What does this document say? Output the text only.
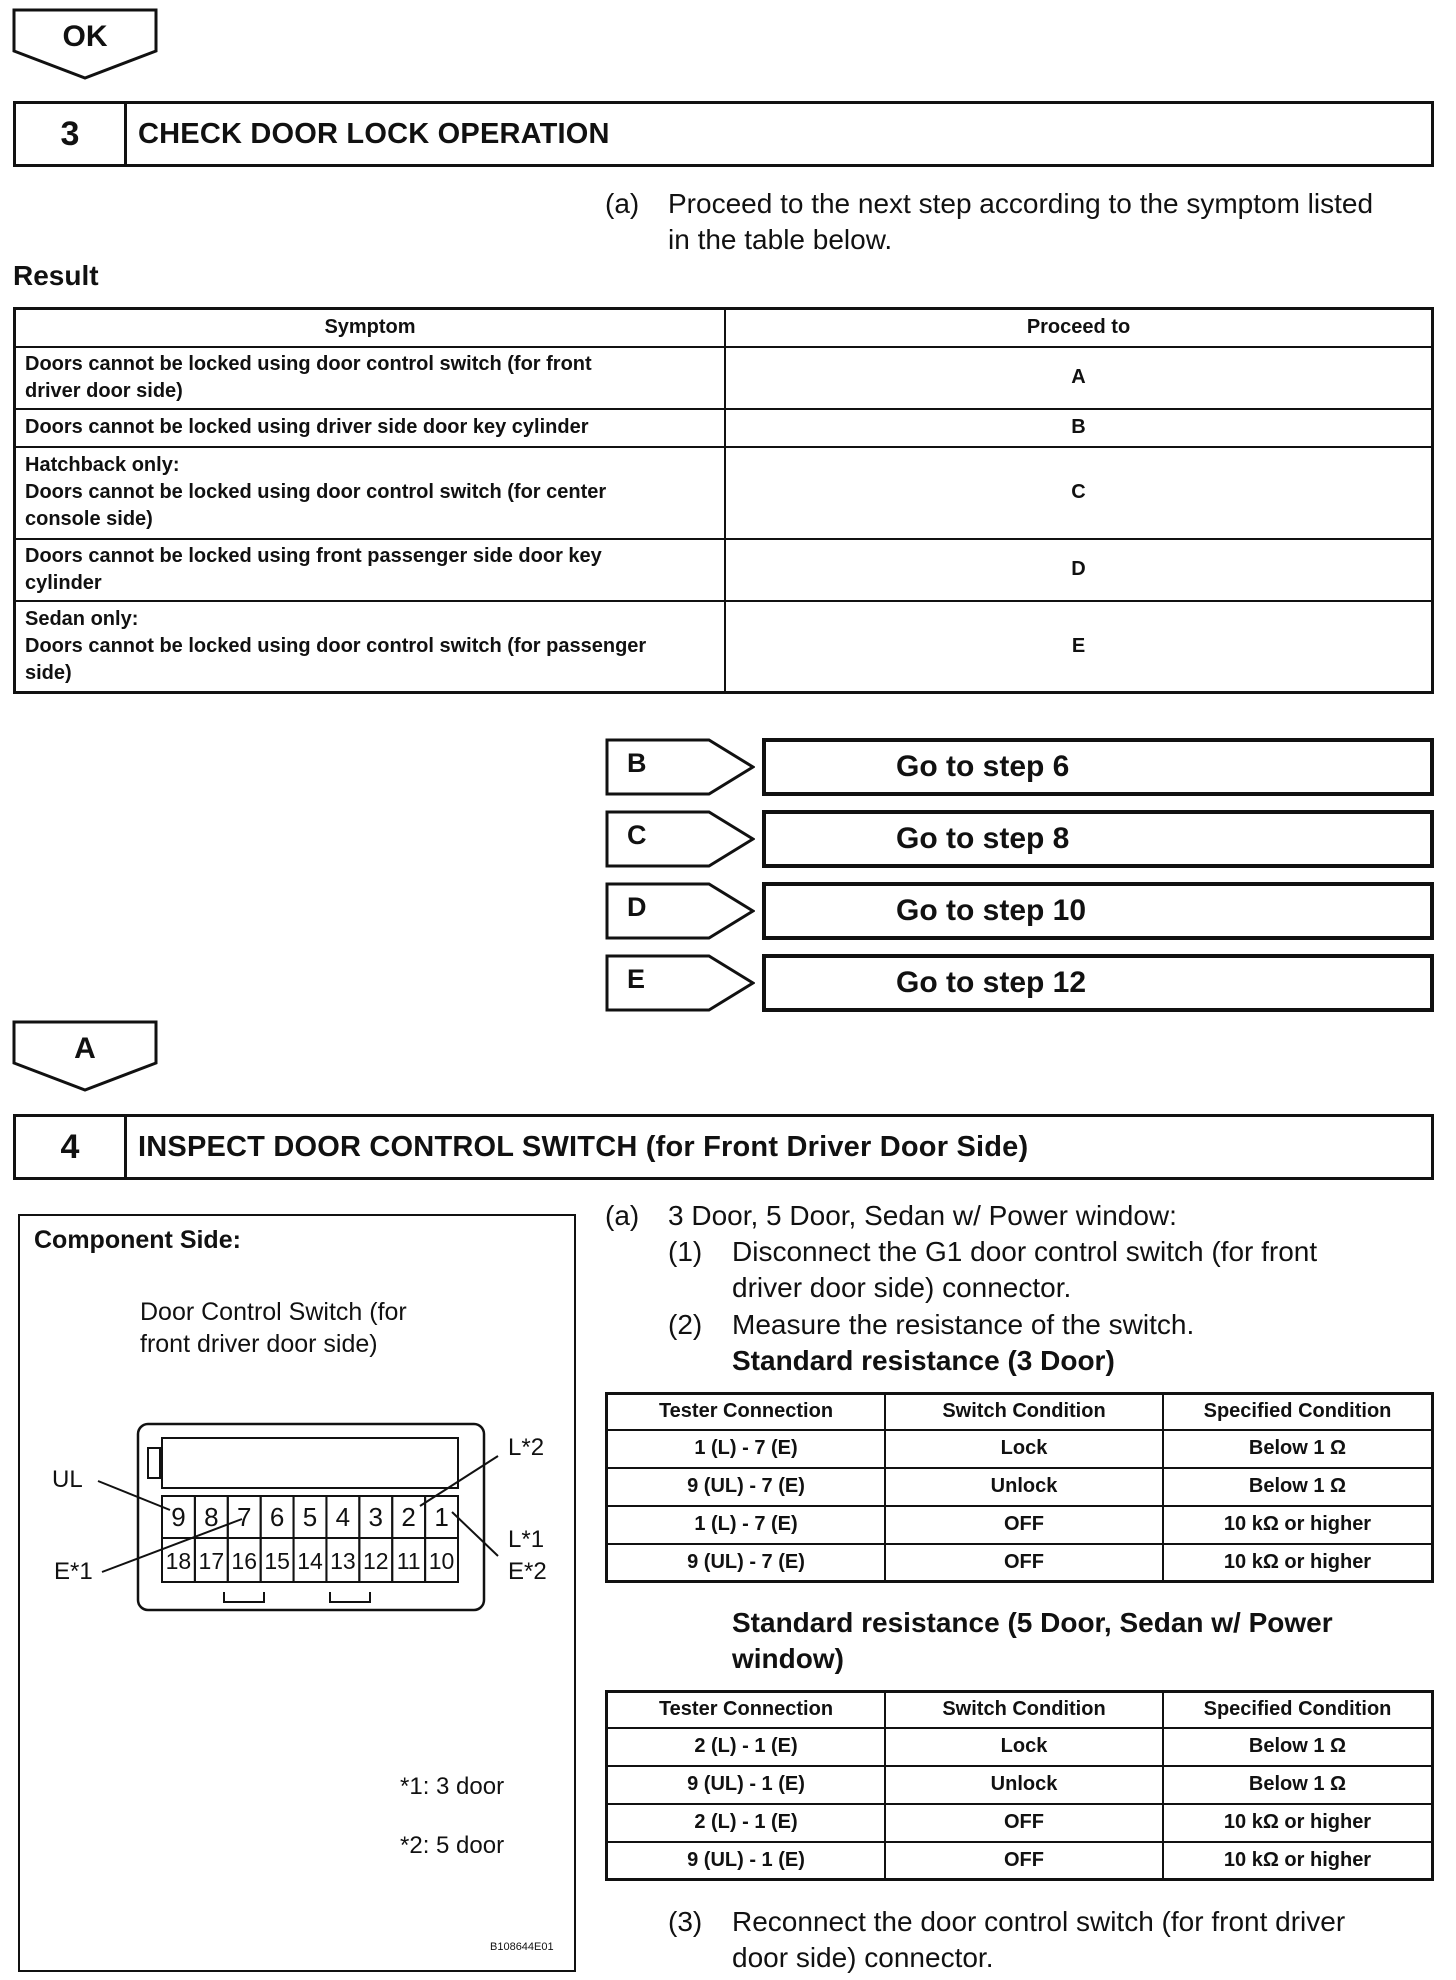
OK
3	CHECK DOOR LOCK OPERATION
(a) Proceed to the next step according to the symptom listed
in the table below.
Result
Symptom	Proceed to

Doors cannot be locked using door control switch (for front
driver door side)	A

Doors cannot be locked using driver side door key cylinder	B

Hatchback only:
Doors cannot be locked using door control switch (for center
console side)	C

Doors cannot be locked using front passenger side door key
cylinder	D

Sedan only:
Doors cannot be locked using door control switch (for passenger
side)	E
B	Go to step 6
C	Go to step 8
D	Go to step 10
E	Go to step 12
A
4	INSPECT DOOR CONTROL SWITCH (for Front Driver Door Side)
Component Side:
Door Control Switch (for
front driver door side)
9 8 7 6 5 4 3 2 1
18 17 16 15 14 13 12 11 10
UL
E*1
L*2
L*1
E*2
*1: 3 door
*2: 5 door
B108644E01
(a) 3 Door, 5 Door, Sedan w/ Power window:
(1) Disconnect the G1 door control switch (for front
driver door side) connector.
(2) Measure the resistance of the switch.
Standard resistance (3 Door)
Tester Connection	Switch Condition	Specified Condition
1 (L) - 7 (E)	Lock	Below 1 Ω
9 (UL) - 7 (E)	Unlock	Below 1 Ω
1 (L) - 7 (E)	OFF	10 kΩ or higher
9 (UL) - 7 (E)	OFF	10 kΩ or higher
Standard resistance (5 Door, Sedan w/ Power
window)
Tester Connection	Switch Condition	Specified Condition
2 (L) - 1 (E)	Lock	Below 1 Ω
9 (UL) - 1 (E)	Unlock	Below 1 Ω
2 (L) - 1 (E)	OFF	10 kΩ or higher
9 (UL) - 1 (E)	OFF	10 kΩ or higher
(3) Reconnect the door control switch (for front driver
door side) connector.
